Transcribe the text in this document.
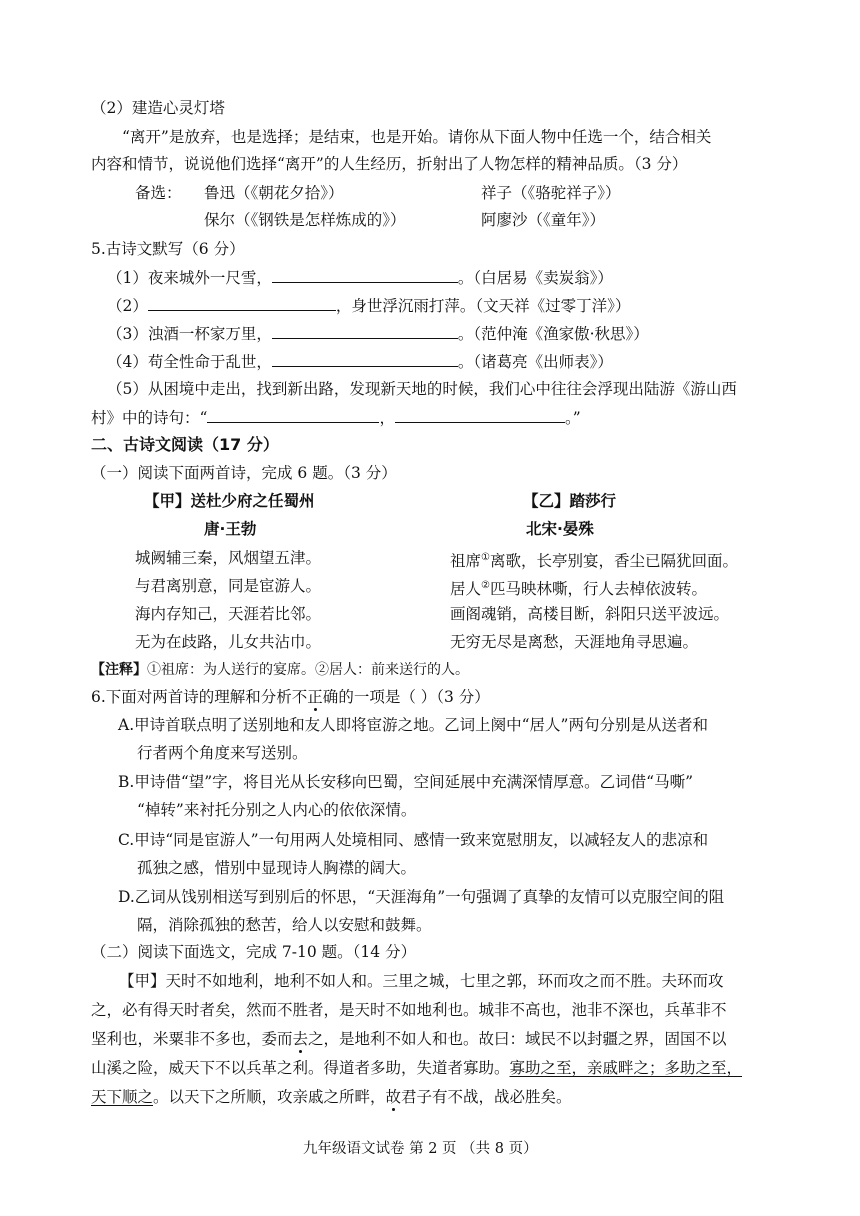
（2）建造心灵灯塔
“离开”是放弃，也是选择；是结束，也是开始。请你从下面人物中任选一个，结合相关
内容和情节，说说他们选择“离开”的人生经历，折射出了人物怎样的精神品质。（3 分）
备选： 鲁迅（《朝花夕拾》）	祥子（《骆驼祥子》）
保尔（《钢铁是怎样炼成的》）	阿廖沙（《童年》）
5.古诗文默写（6 分）
（1）夜来城外一尺雪，	。（白居易《卖炭翁》）
（2）	，身世浮沉雨打萍。（文天祥《过零丁洋》）
（3）浊酒一杯家万里，	。（范仲淹《渔家傲·秋思》）
（4）苟全性命于乱世，	。（诸葛亮《出师表》）
（5）从困境中走出，找到新出路，发现新天地的时候，我们心中往往会浮现出陆游《游山西
村》中的诗句：“	，	。”
二、古诗文阅读（17 分）
（一）阅读下面两首诗，完成 6 题。（3 分）
【甲】送杜少府之任蜀州
唐·王勃
城阙辅三秦，风烟望五津。
与君离别意，同是宦游人。
海内存知己，天涯若比邻。
无为在歧路，儿女共沾巾。
【乙】踏莎行
北宋·晏殊
祖席①离歌，长亭别宴，香尘已隔犹回面。
居人②匹马映林嘶，行人去棹依波转。
画阁魂销，高楼目断，斜阳只送平波远。
无穷无尽是离愁，天涯地角寻思遍。
【注释】①祖席：为人送行的宴席。②居人：前来送行的人。
6.下面对两首诗的理解和分析不正确的一项是（ ）（3 分）
A.甲诗首联点明了送别地和友人即将宦游之地。乙词上阕中“居人”两句分别是从送者和
行者两个角度来写送别。
B.甲诗借“望”字，将目光从长安移向巴蜀，空间延展中充满深情厚意。乙词借“马嘶”
“棹转”来衬托分别之人内心的依依深情。
C.甲诗“同是宦游人”一句用两人处境相同、感情一致来宽慰朋友，以减轻友人的悲凉和
孤独之感，惜别中显现诗人胸襟的阔大。
D.乙词从饯别相送写到别后的怀思，“天涯海角”一句强调了真挚的友情可以克服空间的阻
隔，消除孤独的愁苦，给人以安慰和鼓舞。
（二）阅读下面选文，完成 7-10 题。（14 分）
【甲】天时不如地利，地利不如人和。三里之城，七里之郭，环而攻之而不胜。夫环而攻
之，必有得天时者矣，然而不胜者，是天时不如地利也。城非不高也，池非不深也，兵革非不
坚利也，米粟非不多也，委而去之，是地利不如人和也。故曰：域民不以封疆之界，固国不以
山溪之险，威天下不以兵革之利。得道者多助，失道者寡助。寡助之至，亲戚畔之；多助之至，
天下顺之。以天下之所顺，攻亲戚之所畔，故君子有不战，战必胜矣。
九年级语文试卷 第 2 页 （共 8 页）
